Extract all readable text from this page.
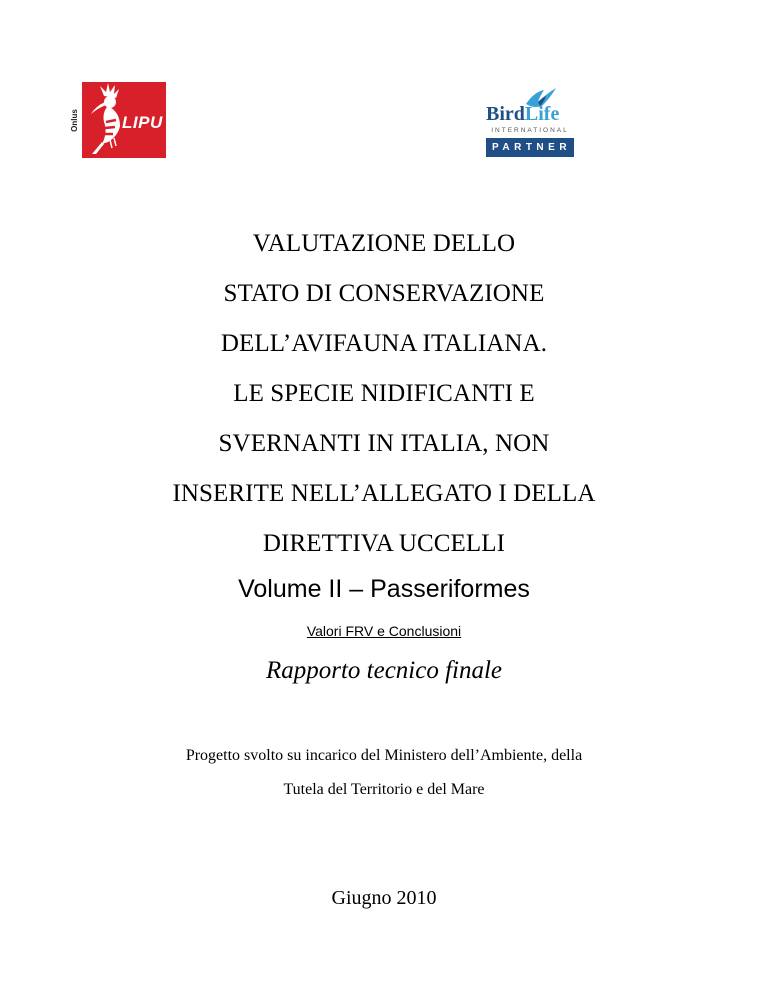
Onlus	LIPU	BirdLife
INTERNATIONAL
PARTNER
VALUTAZIONE DELLO
STATO DI CONSERVAZIONE
DELL’AVIFAUNA ITALIANA.
LE SPECIE NIDIFICANTI E
SVERNANTI IN ITALIA, NON
INSERITE NELL’ALLEGATO I DELLA
DIRETTIVA UCCELLI
Volume II – Passeriformes
Valori FRV e Conclusioni
Rapporto tecnico finale
Progetto svolto su incarico del Ministero dell’Ambiente, della
Tutela del Territorio e del Mare
Giugno 2010
